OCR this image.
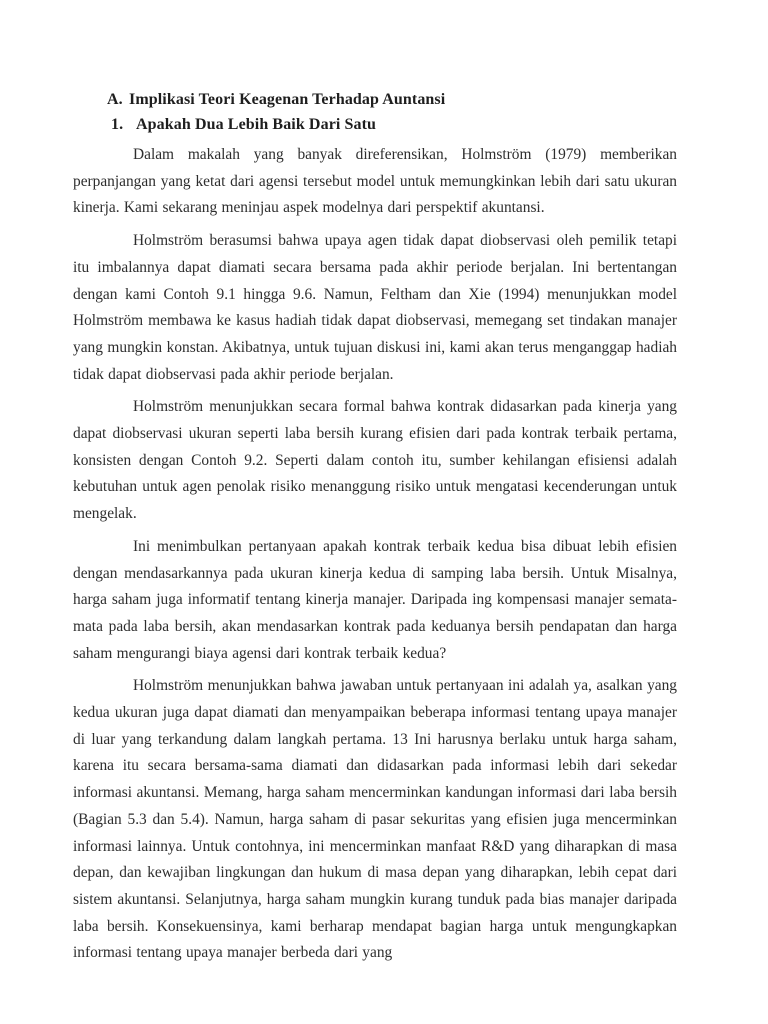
A. Implikasi Teori Keagenan Terhadap Auntansi
1. Apakah Dua Lebih Baik Dari Satu

Dalam makalah yang banyak direferensikan, Holmström (1979) memberikan perpanjangan yang ketat dari agensi tersebut model untuk memungkinkan lebih dari satu ukuran kinerja. Kami sekarang meninjau aspek modelnya dari perspektif akuntansi.

Holmström berasumsi bahwa upaya agen tidak dapat diobservasi oleh pemilik tetapi itu imbalannya dapat diamati secara bersama pada akhir periode berjalan. Ini bertentangan dengan kami Contoh 9.1 hingga 9.6. Namun, Feltham dan Xie (1994) menunjukkan model Holmström membawa ke kasus hadiah tidak dapat diobservasi, memegang set tindakan manajer yang mungkin konstan. Akibatnya, untuk tujuan diskusi ini, kami akan terus menganggap hadiah tidak dapat diobservasi pada akhir periode berjalan.

Holmström menunjukkan secara formal bahwa kontrak didasarkan pada kinerja yang dapat diobservasi ukuran seperti laba bersih kurang efisien dari pada kontrak terbaik pertama, konsisten dengan Contoh 9.2. Seperti dalam contoh itu, sumber kehilangan efisiensi adalah kebutuhan untuk agen penolak risiko menanggung risiko untuk mengatasi kecenderungan untuk mengelak.

Ini menimbulkan pertanyaan apakah kontrak terbaik kedua bisa dibuat lebih efisien dengan mendasarkannya pada ukuran kinerja kedua di samping laba bersih. Untuk Misalnya, harga saham juga informatif tentang kinerja manajer. Daripada ing kompensasi manajer semata-mata pada laba bersih, akan mendasarkan kontrak pada keduanya bersih pendapatan dan harga saham mengurangi biaya agensi dari kontrak terbaik kedua?

Holmström menunjukkan bahwa jawaban untuk pertanyaan ini adalah ya, asalkan yang kedua ukuran juga dapat diamati dan menyampaikan beberapa informasi tentang upaya manajer di luar yang terkandung dalam langkah pertama. 13 Ini harusnya berlaku untuk harga saham, karena itu secara bersama-sama diamati dan didasarkan pada informasi lebih dari sekedar informasi akuntansi. Memang, harga saham mencerminkan kandungan informasi dari laba bersih (Bagian 5.3 dan 5.4). Namun, harga saham di pasar sekuritas yang efisien juga mencerminkan informasi lainnya. Untuk contohnya, ini mencerminkan manfaat R&D yang diharapkan di masa depan, dan kewajiban lingkungan dan hukum di masa depan yang diharapkan, lebih cepat dari sistem akuntansi. Selanjutnya, harga saham mungkin kurang tunduk pada bias manajer daripada laba bersih. Konsekuensinya, kami berharap mendapat bagian harga untuk mengungkapkan informasi tentang upaya manajer berbeda dari yang
